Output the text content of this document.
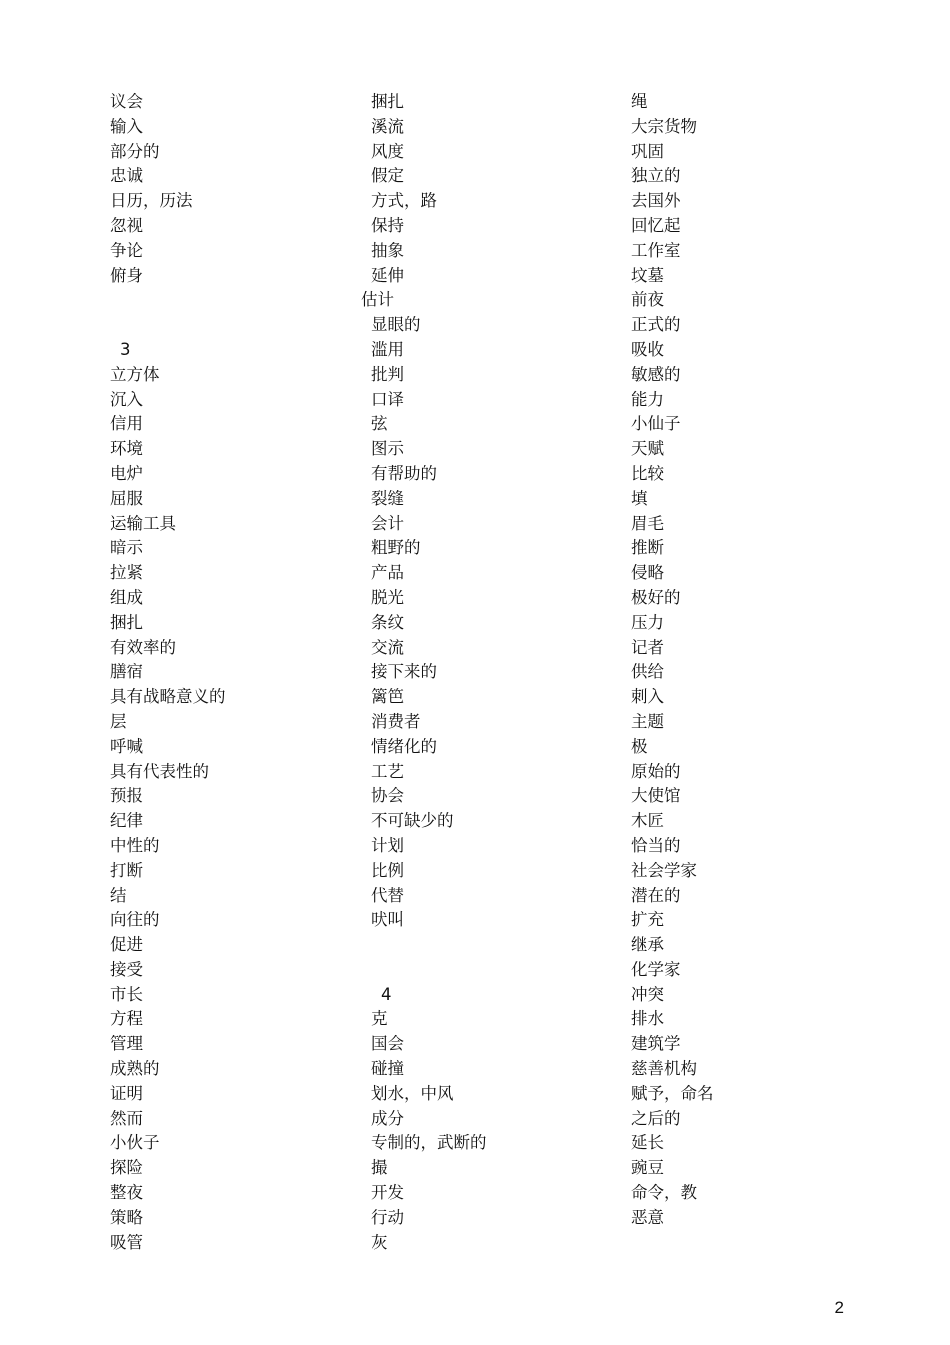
议会
输入
部分的
忠诚
日历，历法
忽视
争论
俯身
3
立方体
沉入
信用
环境
电炉
屈服
运输工具
暗示
拉紧
组成
捆扎
有效率的
膳宿
具有战略意义的
层
呼喊
具有代表性的
预报
纪律
中性的
打断
结
向往的
促进
接受
市长
方程
管理
成熟的
证明
然而
小伙子
探险
整夜
策略
吸管
捆扎
溪流
风度
假定
方式，路
保持
抽象
延伸
估计
显眼的
滥用
批判
口译
弦
图示
有帮助的
裂缝
会计
粗野的
产品
脱光
条纹
交流
接下来的
篱笆
消费者
情绪化的
工艺
协会
不可缺少的
计划
比例
代替
吠叫
4
克
国会
碰撞
划水，中风
成分
专制的，武断的
撮
开发
行动
灰
绳
大宗货物
巩固
独立的
去国外
回忆起
工作室
坟墓
前夜
正式的
吸收
敏感的
能力
小仙子
天赋
比较
填
眉毛
推断
侵略
极好的
压力
记者
供给
刺入
主题
极
原始的
大使馆
木匠
恰当的
社会学家
潜在的
扩充
继承
化学家
冲突
排水
建筑学
慈善机构
赋予，命名
之后的
延长
豌豆
命令，教
恶意
2
